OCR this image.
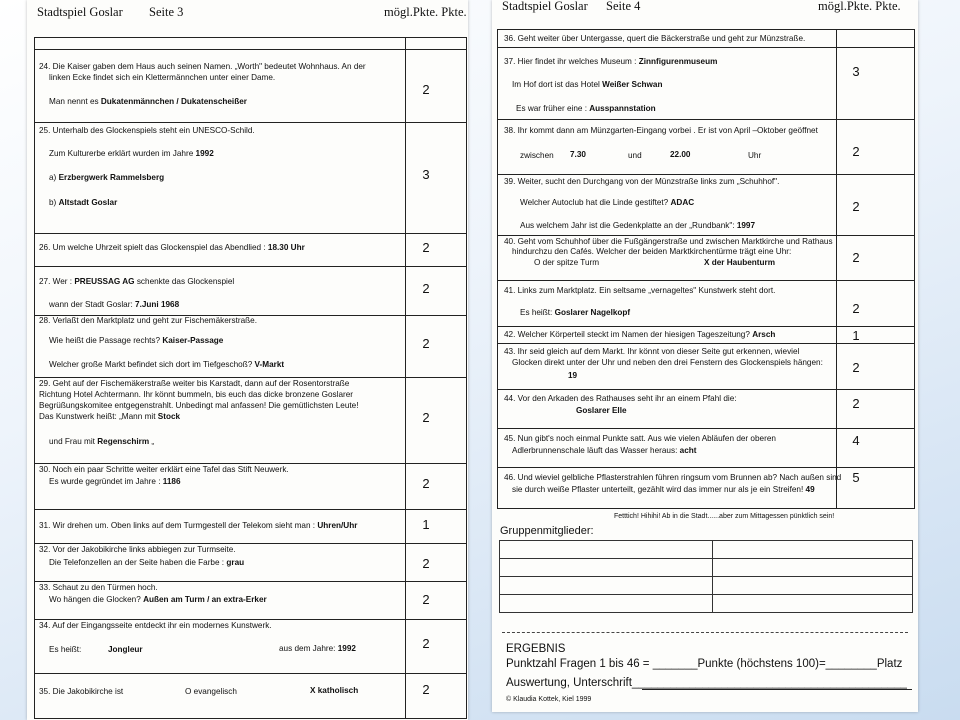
Stadtspiel Goslar Seite 3	mögl.Pkte. Pkte.
24. Die Kaiser gaben dem Haus auch seinen Namen. „Worth" bedeutet Wohnhaus. An der
linken Ecke findet sich ein Klettermännchen unter einer Dame.
Man nennt es Dukatenmännchen / Dukatenscheißer
2
25. Unterhalb des Glockenspiels steht ein UNESCO-Schild.
Zum Kulturerbe erklärt wurden im Jahre 1992
a) Erzbergwerk Rammelsberg
b) Altstadt Goslar
3
26. Um welche Uhrzeit spielt das Glockenspiel das Abendlied : 18.30 Uhr	2
27. Wer : PREUSSAG AG schenkte das Glockenspiel
wann der Stadt Goslar: 7.Juni 1968
2
28. Verlaßt den Marktplatz und geht zur Fischemäkerstraße.
Wie heißt die Passage rechts? Kaiser-Passage
Welcher große Markt befindet sich dort im Tiefgeschoß? V-Markt
2
29. Geht auf der Fischemäkerstraße weiter bis Karstadt, dann auf der Rosentorstraße
Richtung Hotel Achtermann. Ihr könnt bummeln, bis euch das dicke bronzene Goslarer
Begrüßungskomitee entgegenstrahlt. Unbedingt mal anfassen! Die gemütlichsten Leute!
Das Kunstwerk heißt: „Mann mit Stock
und Frau mit Regenschirm „
2
30. Noch ein paar Schritte weiter erklärt eine Tafel das Stift Neuwerk.
Es wurde gegründet im Jahre : 1186	2
31. Wir drehen um. Oben links auf dem Turmgestell der Telekom sieht man : Uhren/Uhr	1
32. Vor der Jakobikirche links abbiegen zur Turmseite.
Die Telefonzellen an der Seite haben die Farbe : grau	2
33. Schaut zu den Türmen hoch.
Wo hängen die Glocken? Außen am Turm / an extra-Erker	2
34. Auf der Eingangsseite entdeckt ihr ein modernes Kunstwerk.
Es heißt:	Jongleur	aus dem Jahre: 1992	2
35. Die Jakobikirche ist	O evangelisch	X katholisch	2
Stadtspiel Goslar Seite 4	mögl.Pkte. Pkte.
36. Geht weiter über Untergasse, quert die Bäckerstraße und geht zur Münzstraße.
37. Hier findet ihr welches Museum : Zinnfigurenmuseum
Im Hof dort ist das Hotel Weißer Schwan
Es war früher eine : Ausspannstation
3
38. Ihr kommt dann am Münzgarten-Eingang vorbei . Er ist von April –Oktober geöffnet
zwischen 7.30	und	22.00	Uhr	2
39. Weiter, sucht den Durchgang von der Münzstraße links zum „Schuhhof".
Welcher Autoclub hat die Linde gestiftet? ADAC
Aus welchem Jahr ist die Gedenkplatte an der „Rundbank": 1997
2
40. Geht vom Schuhhof über die Fußgängerstraße und zwischen Marktkirche und Rathaus
hindurchzu den Cafés. Welcher der beiden Marktkirchentürme trägt eine Uhr:
O der spitze Turm	X der Haubenturm	2
41. Links zum Marktplatz. Ein seltsame „vernageltes" Kunstwerk steht dort.
Es heißt: Goslarer Nagelkopf	2
42. Welcher Körperteil steckt im Namen der hiesigen Tageszeitung? Arsch	1
43. Ihr seid gleich auf dem Markt. Ihr könnt von dieser Seite gut erkennen, wieviel
Glocken direkt unter der Uhr und neben den drei Fenstern des Glockenspiels hängen:
19
2
44. Vor den Arkaden des Rathauses seht ihr an einem Pfahl die:
Goslarer Elle	2
45. Nun gibt's noch einmal Punkte satt. Aus wie vielen Abläufen der oberen
Adlerbrunnenschale läuft das Wasser heraus: acht
4
46. Und wieviel gelbliche Pflasterstrahlen führen ringsum vom Brunnen ab? Nach außen sind
sie durch weiße Pflaster unterteilt, gezählt wird das immer nur als je ein Streifen! 49
5
Fetttich! Hihihi! Ab in die Stadt......aber zum Mittagessen pünktlich sein!
Gruppenmitglieder:

ERGEBNIS
Punktzahl Fragen 1 bis 46 = _______Punkte (höchstens 100)=________Platz
Auswertung, Unterschrift___________________________________________
© Klaudia Kottek, Kiel 1999
